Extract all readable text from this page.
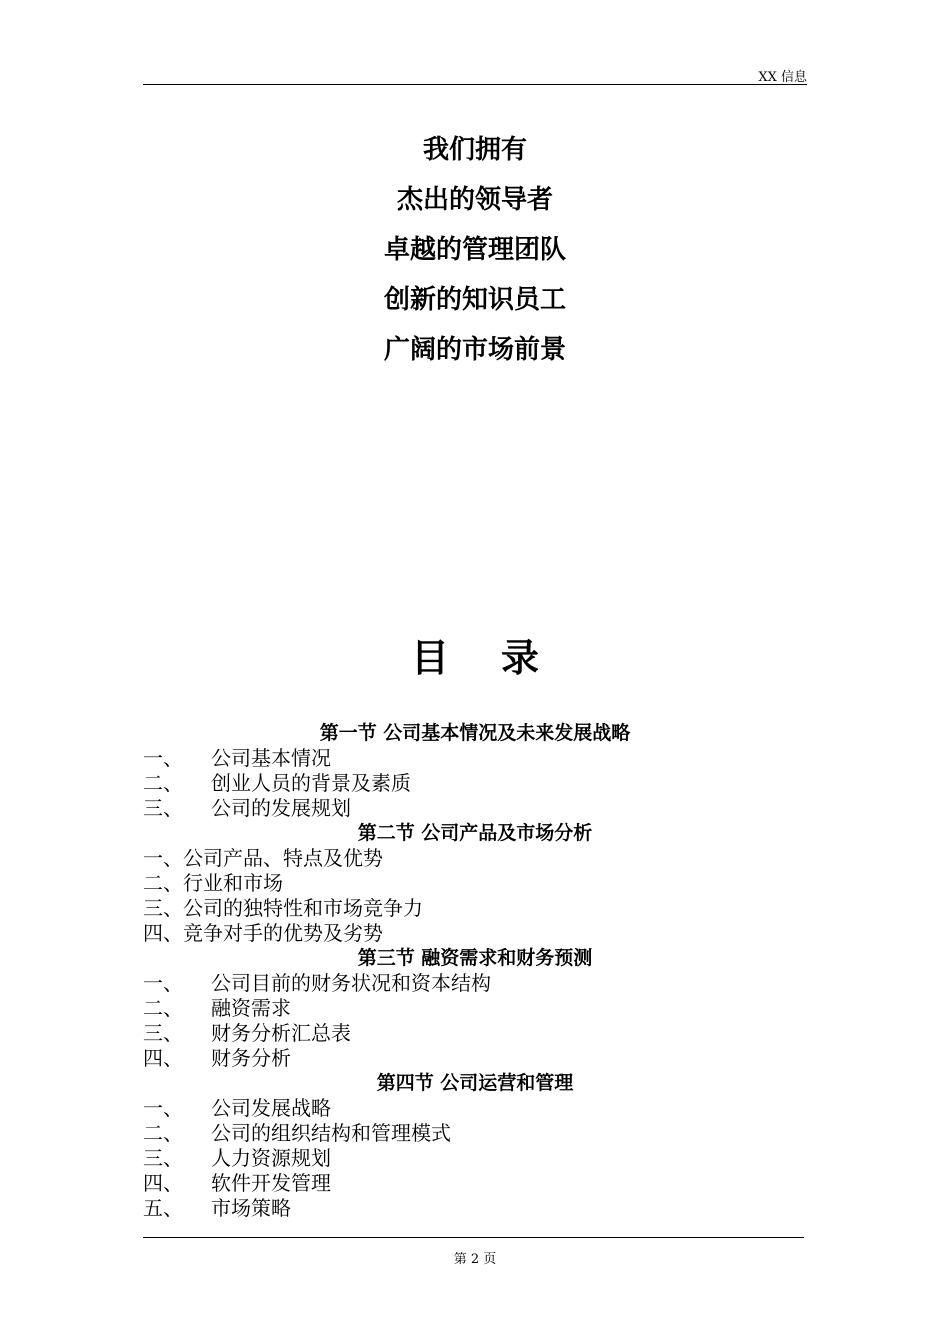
XX 信息
我们拥有
杰出的领导者
卓越的管理团队
创新的知识员工
广阔的市场前景
目 录
第一节 公司基本情况及未来发展战略
一、 公司基本情况
二、 创业人员的背景及素质
三、 公司的发展规划
第二节 公司产品及市场分析
一、公司产品、特点及优势
二、行业和市场
三、公司的独特性和市场竞争力
四、竞争对手的优势及劣势
第三节 融资需求和财务预测
一、 公司目前的财务状况和资本结构
二、 融资需求
三、 财务分析汇总表
四、 财务分析
第四节 公司运营和管理
一、 公司发展战略
二、 公司的组织结构和管理模式
三、 人力资源规划
四、 软件开发管理
五、 市场策略
第 2 页
